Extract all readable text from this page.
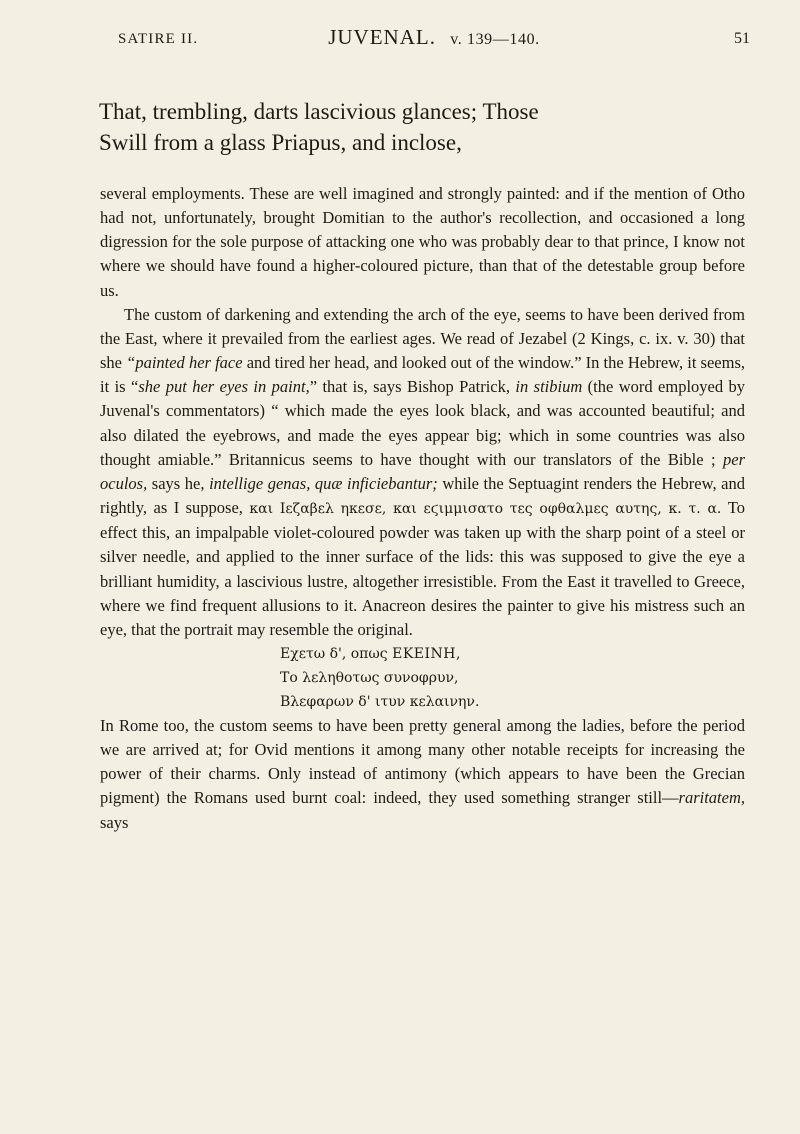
SATIRE II.	JUVENAL. v. 139—140.	51
That, trembling, darts lascivious glances; Those
Swill from a glass Priapus, and inclose,

several employments. These are well imagined and strongly painted: and if the mention of Otho had not, unfortunately, brought Domitian to the author's recollection, and occasioned a long digression for the sole purpose of attacking one who was probably dear to that prince, I know not where we should have found a higher-coloured picture, than that of the detestable group before us.

The custom of darkening and extending the arch of the eye, seems to have been derived from the East, where it prevailed from the earliest ages. We read of Jezabel (2 Kings, c. ix. v. 30) that she “painted her face and tired her head, and looked out of the window.” In the Hebrew, it seems, it is “she put her eyes in paint,” that is, says Bishop Patrick, in stibium (the word employed by Juvenal's commentators) “ which made the eyes look black, and was accounted beautiful; and also dilated the eyebrows, and made the eyes appear big; which in some countries was also thought amiable.” Britannicus seems to have thought with our translators of the Bible ; per oculos, says he, intellige genas, quæ inficiebantur; while the Septuagint renders the Hebrew, and rightly, as I suppose, και Ιεζαβελ ηκεσε, και εϛιμμισατο τες οφθαλμες αυτης, κ. τ. α. To effect this, an impalpable violet-coloured powder was taken up with the sharp point of a steel or silver needle, and applied to the inner surface of the lids: this was supposed to give the eye a brilliant humidity, a lascivious lustre, altogether irresistible. From the East it travelled to Greece, where we find frequent allusions to it. Anacreon desires the painter to give his mistress such an eye, that the portrait may resemble the original.

Εχετω δ', οπως EKEINH,
Το λεληθοτως συνοφρυν,
Βλεφαρων δ' ιτυν κελαινην.

In Rome too, the custom seems to have been pretty general among the ladies, before the period we are arrived at; for Ovid mentions it among many other notable receipts for increasing the power of their charms. Only instead of antimony (which appears to have been the Grecian pigment) the Romans used burnt coal: indeed, they used something stranger still—raritatem, says
